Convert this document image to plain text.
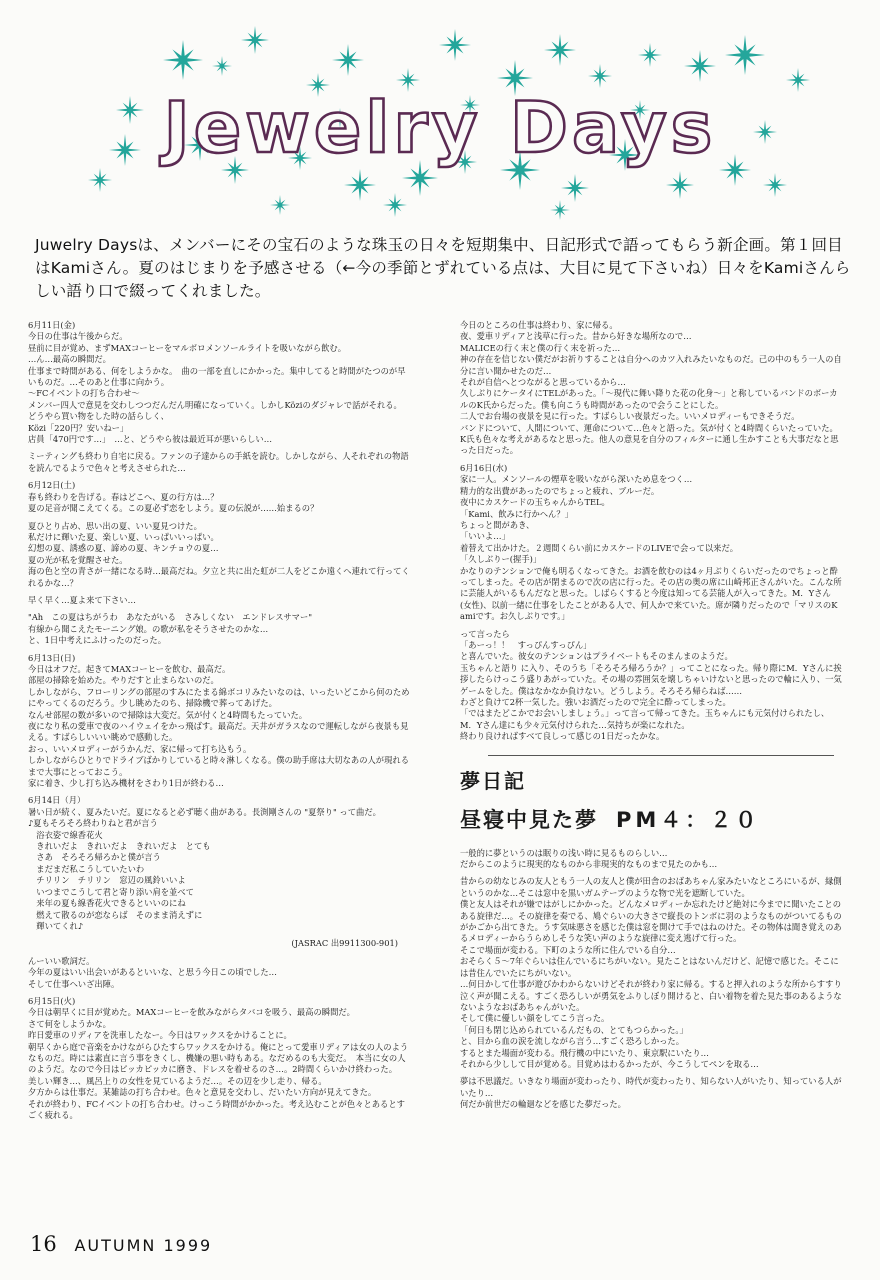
Jewelry Days

Juwelry Daysは、メンバーにその宝石のような珠玉の日々を短期集中、日記形式で語ってもらう新企画。第１回目はKamiさん。夏のはじまりを予感させる（←今の季節とずれている点は、大目に見て下さいね）日々をKamiさんらしい語り口で綴ってくれました。

6月11日(金)

今日の仕事は午後からだ。
昼前に目が覚め、まずMAXコーヒーをマルボロメンソールライトを吸いながら飲む。
…ん…最高の瞬間だ。
仕事まで時間がある、何をしようかな。　曲の一部を直しにかかった。集中してると時間がたつのが早いものだ。…そのあと仕事に向かう。
～FCイベントの打ち合わせ～
メンバー四人で意見を交わしつつだんだん明確になっていく。しかしKöziのダジャレで話がそれる。どうやら買い物をした時の話らしく、
Közi「220円？安いねー」
店員「470円です…」　…と、どうやら彼は最近耳が悪いらしい…

ミーティングも終わり自宅に戻る。ファンの子達からの手紙を読む。しかしながら、人それぞれの物語を読んでるようで色々と考えさせられた…

6月12日(土)

春も終わりを告げる。春はどこへ、夏の行方は…？
夏の足音が聞こえてくる。この夏必ず恋をしよう。夏の伝説が……始まるの？

夏ひとり占め、思い出の夏、いい夏見つけた。
私だけに輝いた夏、楽しい夏、いっぱいいっぱい。
幻想の夏、誘惑の夏、諦めの夏、キンチョウの夏…
夏の光が私を覚醒させた。
海の色と空の青さが一緒になる時…最高だね。夕立と共に出た虹が二人をどこか遠くへ連れて行ってくれるかな…？

早く早く…夏よ来て下さい…

"Ah　この夏はちがうわ　あなたがいる　さみしくない　エンドレスサマー"
有線から聞こえたモーニング娘。の歌が私をそうさせたのかな…
と、1日中考えにふけったのだった。

6月13日(日)

今日はオフだ。起きてMAXコーヒーを飲む、最高だ。
部屋の掃除を始めた。やりだすと止まらないのだ。
しかしながら、フローリングの部屋のすみにたまる綿ボコリみたいなのは、いったいどこから何のためにやってくるのだろう。少し眺めたのち、掃除機で葬ってあげた。
なんせ部屋の数が多いので掃除は大変だ。気が付くと4時間もたっていた。
夜になり私の愛車で夜のハイウェイをかっ飛ばす。最高だ。天井がガラスなので運転しながら夜景も見える。すばらしいいい眺めで感動した。
おっ、いいメロディーがうかんだ、家に帰って打ち込もう。
しかしながらひとりでドライブばかりしていると時々淋しくなる。僕の助手席は大切なあの人が現れるまで大事にとっておこう。
家に着き、少し打ち込み機材をさわり1日が終わる…

6月14日（月）

暑い日が続く、夏みたいだ。夏になると必ず聴く曲がある。長渕剛さんの "夏祭り" って曲だ。
♪夏もそろそろ終わりねと君が言う
　浴衣姿で線香花火
　きれいだよ　きれいだよ　きれいだよ　とても
　さあ　そろそろ帰ろかと僕が言う
　まだまだ私こうしていたいわ
　チリリン　チリリン　窓辺の風鈴いいよ
　いつまでこうして君と寄り添い肩を並べて
　来年の夏も線香花火できるといいのにね
　燃えて散るのが恋ならば　そのまま消えずに
　輝いてくれ♪

(JASRAC 出9911300-901)

んーいい歌詞だ。
今年の夏はいい出会いがあるといいな、と思う今日この頃でした…
そして仕事へいざ出陣。

6月15日(火)

今日は朝早くに目が覚めた。MAXコーヒーを飲みながらタバコを吸う、最高の瞬間だ。
さて何をしようかな。
昨日愛車のリディアを洗車したなー。今日はワックスをかけることに。
朝早くから庭で音楽をかけながらひたすらワックスをかける。俺にとって愛車リディアは女の人のようなものだ。時には素直に言う事をきくし、機嫌の悪い時もある。なだめるのも大変だ。　本当に女の人のようだ。なので今日はピッカピッカに磨き、ドレスを着せるのさ…。2時間くらいかけ終わった。
美しい輝き…、風呂上りの女性を見ているようだ…。その辺を少し走り、帰る。
夕方からは仕事だ。某雑誌の打ち合わせ。色々と意見を交わし、だいたい方向が見えてきた。
それが終わり、FCイベントの打ち合わせ。けっこう時間がかかった。考え込むことが色々とあるとすごく疲れる。

今日のところの仕事は終わり、家に帰る。
夜、愛車リディアと浅草に行った。昔から好きな場所なので…
MALICEの行く末と僕の行く末を祈った…
神の存在を信じない僕だがお祈りすることは自分へのカツ入れみたいなものだ。己の中のもう一人の自分に言い聞かせたのだ…
それが自信へとつながると思っているから…
久しぶりにケータイにTELがあった。「～現代に舞い降りた花の化身～」と称しているバンドのボーカルのK氏からだった。僕も向こうも時間があったので会うことにした。
二人でお台場の夜景を見に行った。すばらしい夜景だった。いいメロディーもできそうだ。
バンドについて、人間について、運命について…色々と語った。気が付くと4時間くらいたっていた。K氏も色々な考えがあるなと思った。他人の意見を自分のフィルターに通し生かすことも大事だなと思った日だった。

6月16日(水)

家に一人。メンソールの煙草を吸いながら深いため息をつく…
精力的な出費があったのでちょっと疲れ、ブルーだ。
夜中にカスケードの玉ちゃんからTEL。
「Kami、飲みに行かへん？」
ちょっと間があき、
「いいよ…」
着替えて出かけた。２週間くらい前にカスケードのLIVEで会って以来だ。
「久しぶりー(握手)」
かなりのテンションで俺も明るくなってきた。お酒を飲むのは4ヶ月ぶりくらいだったのでちょっと酔ってしまった。その店が閉まるので次の店に行った。その店の奥の席に山崎邦正さんがいた。こんな所に芸能人がいるもんだなと思った。しばらくすると今度は知ってる芸能人が入ってきた。M．Yさん(女性)、以前一緒に仕事をしたことがある人で、何人かで来ていた。席が隣りだったので「マリスのKamiです。お久しぶりです。」

って言ったら
「あーっ！！　すっぴんすっぴん」
と喜んでいた。彼女のテンションはプライベートもそのまんまのようだ。
玉ちゃんと語り に入り、そのうち「そろそろ帰ろうか？」ってことになった。帰り際にM．Yさんに挨拶したらけっこう盛りあがっていた。その場の雰囲気を壊しちゃいけないと思ったので輪に入り、一気ゲームをした。僕はなかなか負けない。どうしよう。そろそろ帰らねば……
わざと負けて2杯一気した。強いお酒だったので完全に酔ってしまった。
「ではまたどこかでお会いしましょう。」って言って帰ってきた。玉ちゃんにも元気付けられたし、M．Yさん達にも少々元気付けられた…気持ちが楽になれた。
終わり良ければすべて良しって感じの1日だったかな。

夢日記
昼寝中見た夢 PM４：２０

一般的に夢というのは眠りの浅い時に見るものらしい…
だからこのように現実的なものから非現実的なものまで見たのかも…

昔からの幼なじみの友人ともう一人の友人と僕が田舎のおばあちゃん家みたいなところにいるが、縁側というのかな…そこは窓中を黒いガムテープのような物で光を遮断していた。
僕と友人はそれが嫌ではがしにかかった。どんなメロディーか忘れたけど絶対に今までに聞いたことのある旋律だ…。その旋律を奏でる、鳩ぐらいの大きさで縦長のトンボに羽のようなものがついてるものがかごから出てきた。うす気味悪さを感じた僕は窓を開けて手ではねのけた。その物体は聞き覚えのあるメロディーからうらめしそうな笑い声のような旋律に変え逃げて行った。
そこで場面が変わる。下町のような所に住んでいる自分…
おそらく５～7年ぐらいは住んでいるにちがいない。見たことはないんだけど、記憶で感じた。そこには昔住んでいたにちがいない。
…何日かして仕事が遊びかわからないけどそれが終わり家に帰る。すると押入れのような所からすすり泣く声が聞こえる。すごく恐ろしいが勇気をふりしぼり開けると、白い着物を着た見た事のあるようなないようなおばあちゃんがいた。
そして僕に優しい顔をしてこう言った。
「何日も閉じ込められているんだもの、とてもつらかった。」
と、目から血の涙を流しながら言う…すごく恐ろしかった。
するとまた場面が変わる。飛行機の中にいたり、東京駅にいたり…
それから少しして目が覚める。目覚めはわるかったが、今こうしてペンを取る…

夢は不思議だ。いきなり場面が変わったり、時代が変わったり、知らない人がいたり、知っている人がいたり…
何だか前世だの輪廻などを感じた夢だった。

16 AUTUMN 1999
